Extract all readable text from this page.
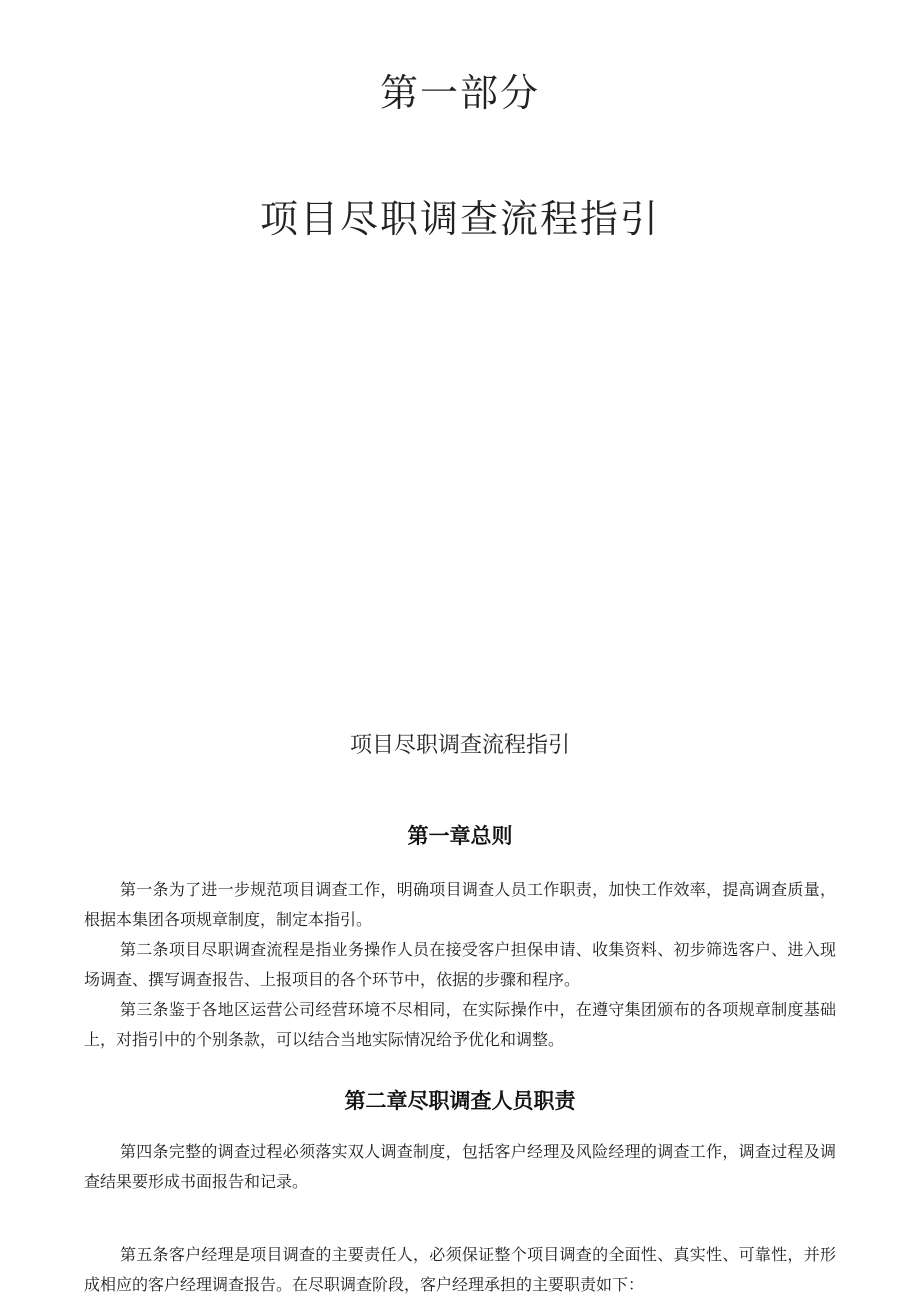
第一部分
项目尽职调查流程指引
项目尽职调查流程指引
第一章总则

第一条为了进一步规范项目调查工作，明确项目调查人员工作职责，加快工作效率，提高调查质量，根据本集团各项规章制度，制定本指引。

第二条项目尽职调查流程是指业务操作人员在接受客户担保申请、收集资料、初步筛选客户、进入现场调查、撰写调查报告、上报项目的各个环节中，依据的步骤和程序。

第三条鉴于各地区运营公司经营环境不尽相同，在实际操作中，在遵守集团颁布的各项规章制度基础上，对指引中的个别条款，可以结合当地实际情况给予优化和调整。

第二章尽职调查人员职责

第四条完整的调查过程必须落实双人调查制度，包括客户经理及风险经理的调查工作，调查过程及调查结果要形成书面报告和记录。

第五条客户经理是项目调查的主要责任人，必须保证整个项目调查的全面性、真实性、可靠性，并形成相应的客户经理调查报告。在尽职调查阶段，客户经理承担的主要职责如下：
